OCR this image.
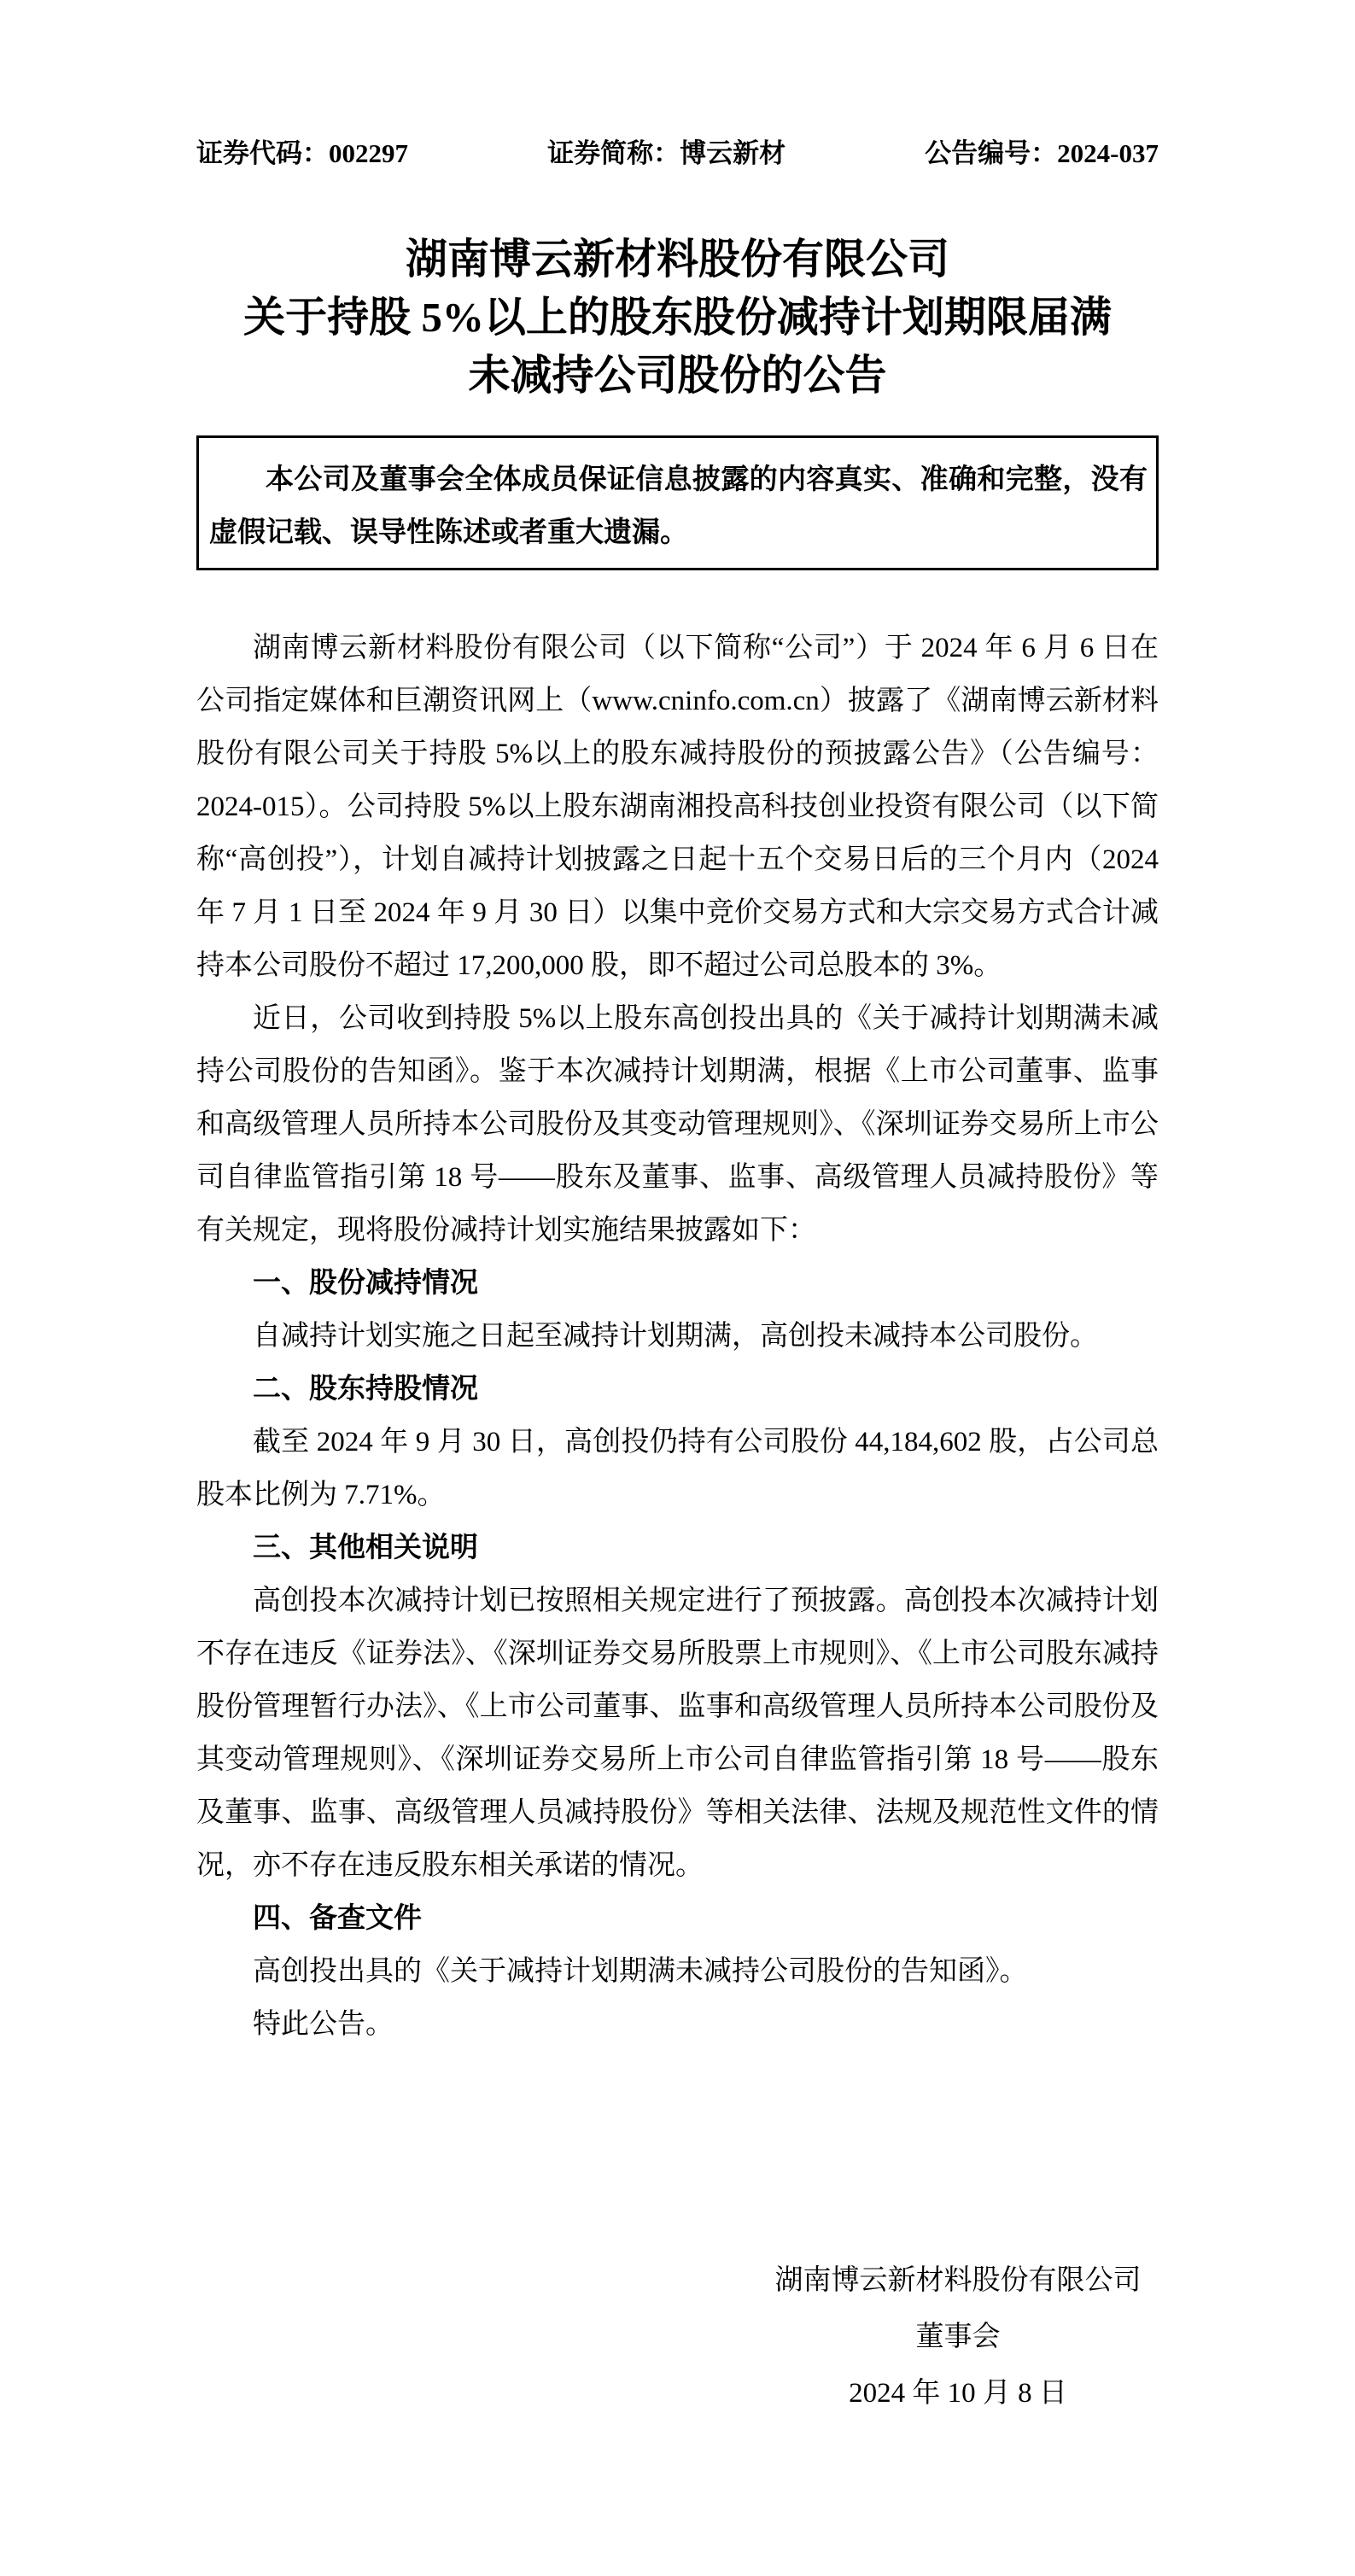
证券代码：002297	证券简称：博云新材	公告编号：2024-037
湖南博云新材料股份有限公司
关于持股 5%以上的股东股份减持计划期限届满
未减持公司股份的公告
本公司及董事会全体成员保证信息披露的内容真实、准确和完整，没有虚假记载、误导性陈述或者重大遗漏。

湖南博云新材料股份有限公司（以下简称“公司”）于 2024 年 6 月 6 日在公司指定媒体和巨潮资讯网上（www.cninfo.com.cn）披露了《湖南博云新材料股份有限公司关于持股 5%以上的股东减持股份的预披露公告》（公告编号：2024-015）。公司持股 5%以上股东湖南湘投高科技创业投资有限公司（以下简称“高创投”），计划自减持计划披露之日起十五个交易日后的三个月内（2024 年 7 月 1 日至 2024 年 9 月 30 日）以集中竞价交易方式和大宗交易方式合计减持本公司股份不超过 17,200,000 股，即不超过公司总股本的 3%。

近日，公司收到持股 5%以上股东高创投出具的《关于减持计划期满未减持公司股份的告知函》。鉴于本次减持计划期满，根据《上市公司董事、监事和高级管理人员所持本公司股份及其变动管理规则》、《深圳证券交易所上市公司自律监管指引第 18 号——股东及董事、监事、高级管理人员减持股份》等有关规定，现将股份减持计划实施结果披露如下：

一、股份减持情况

自减持计划实施之日起至减持计划期满，高创投未减持本公司股份。

二、股东持股情况

截至 2024 年 9 月 30 日，高创投仍持有公司股份 44,184,602 股，占公司总股本比例为 7.71%。

三、其他相关说明

高创投本次减持计划已按照相关规定进行了预披露。高创投本次减持计划不存在违反《证券法》、《深圳证券交易所股票上市规则》、《上市公司股东减持股份管理暂行办法》、《上市公司董事、监事和高级管理人员所持本公司股份及其变动管理规则》、《深圳证券交易所上市公司自律监管指引第 18 号——股东及董事、监事、高级管理人员减持股份》等相关法律、法规及规范性文件的情况，亦不存在违反股东相关承诺的情况。

四、备查文件

高创投出具的《关于减持计划期满未减持公司股份的告知函》。

特此公告。

湖南博云新材料股份有限公司
董事会
2024 年 10 月 8 日
